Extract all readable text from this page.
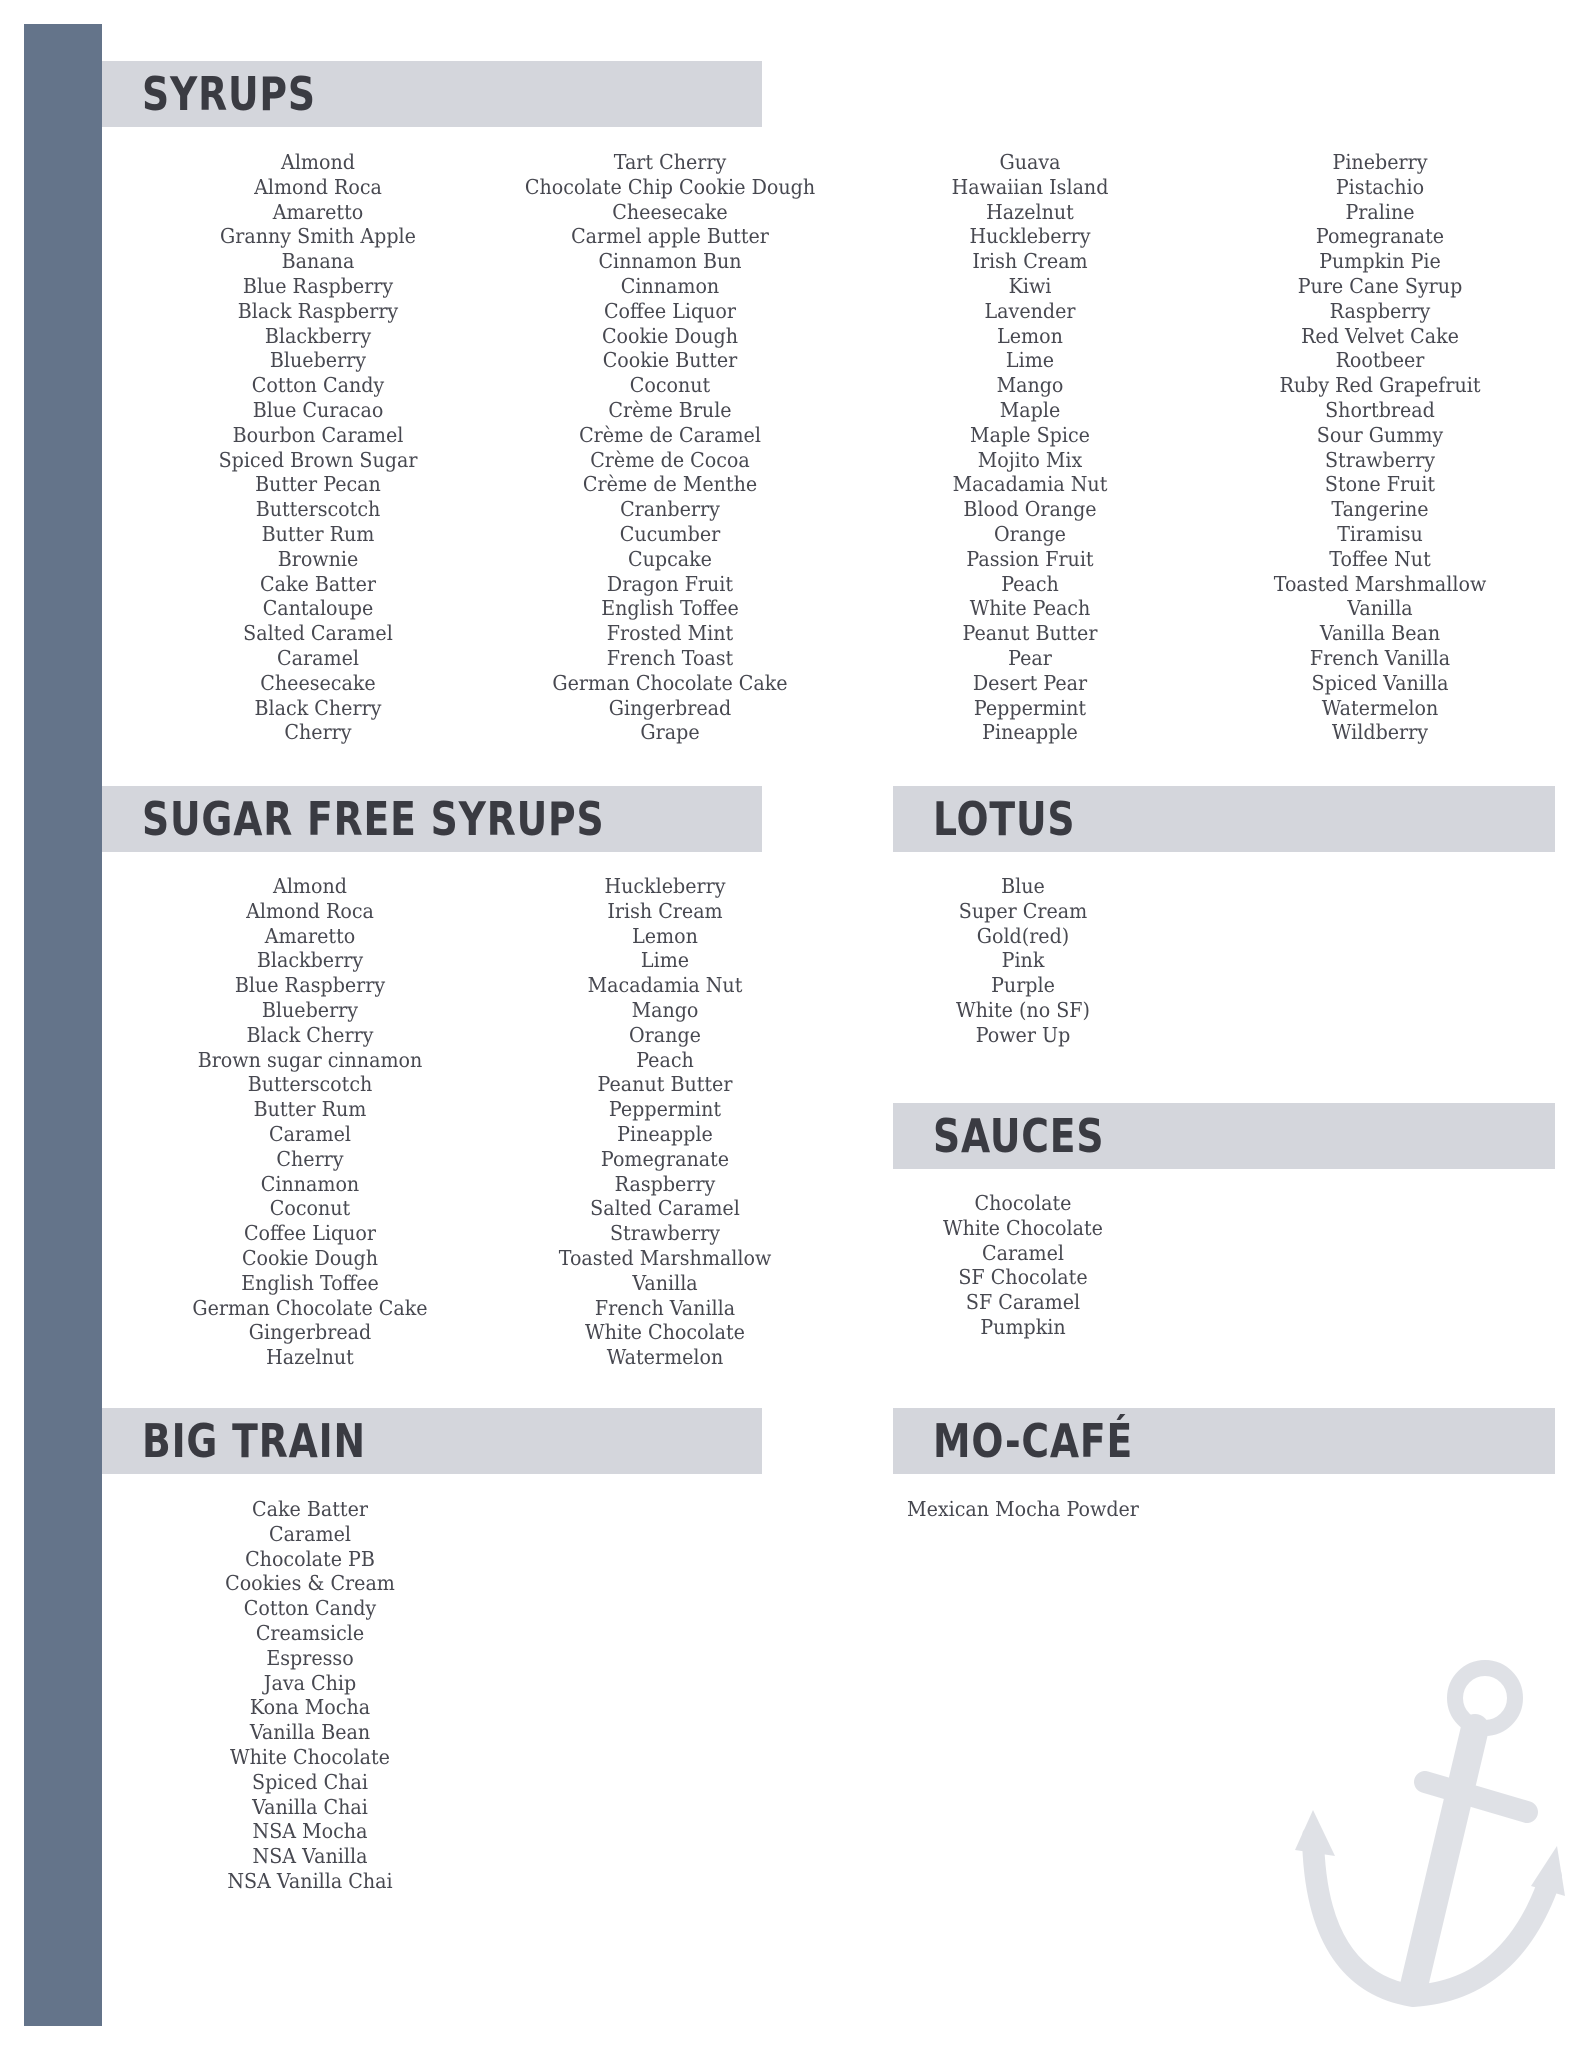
SYRUPS
Almond
Almond Roca
Amaretto
Granny Smith Apple
Banana
Blue Raspberry
Black Raspberry
Blackberry
Blueberry
Cotton Candy
Blue Curacao
Bourbon Caramel
Spiced Brown Sugar
Butter Pecan
Butterscotch
Butter Rum
Brownie
Cake Batter
Cantaloupe
Salted Caramel
Caramel
Cheesecake
Black Cherry
Cherry
Tart Cherry
Chocolate Chip Cookie Dough
Cheesecake
Carmel apple Butter
Cinnamon Bun
Cinnamon
Coffee Liquor
Cookie Dough
Cookie Butter
Coconut
Crème Brule
Crème de Caramel
Crème de Cocoa
Crème de Menthe
Cranberry
Cucumber
Cupcake
Dragon Fruit
English Toffee
Frosted Mint
French Toast
German Chocolate Cake
Gingerbread
Grape
Guava
Hawaiian Island
Hazelnut
Huckleberry
Irish Cream
Kiwi
Lavender
Lemon
Lime
Mango
Maple
Maple Spice
Mojito Mix
Macadamia Nut
Blood Orange
Orange
Passion Fruit
Peach
White Peach
Peanut Butter
Pear
Desert Pear
Peppermint
Pineapple
Pineberry
Pistachio
Praline
Pomegranate
Pumpkin Pie
Pure Cane Syrup
Raspberry
Red Velvet Cake
Rootbeer
Ruby Red Grapefruit
Shortbread
Sour Gummy
Strawberry
Stone Fruit
Tangerine
Tiramisu
Toffee Nut
Toasted Marshmallow
Vanilla
Vanilla Bean
French Vanilla
Spiced Vanilla
Watermelon
Wildberry
SUGAR FREE SYRUPS
Almond
Almond Roca
Amaretto
Blackberry
Blue Raspberry
Blueberry
Black Cherry
Brown sugar cinnamon
Butterscotch
Butter Rum
Caramel
Cherry
Cinnamon
Coconut
Coffee Liquor
Cookie Dough
English Toffee
German Chocolate Cake
Gingerbread
Hazelnut
Huckleberry
Irish Cream
Lemon
Lime
Macadamia Nut
Mango
Orange
Peach
Peanut Butter
Peppermint
Pineapple
Pomegranate
Raspberry
Salted Caramel
Strawberry
Toasted Marshmallow
Vanilla
French Vanilla
White Chocolate
Watermelon
LOTUS
Blue
Super Cream
Gold(red)
Pink
Purple
White (no SF)
Power Up
SAUCES
Chocolate
White Chocolate
Caramel
SF Chocolate
SF Caramel
Pumpkin
BIG TRAIN
Cake Batter
Caramel
Chocolate PB
Cookies & Cream
Cotton Candy
Creamsicle
Espresso
Java Chip
Kona Mocha
Vanilla Bean
White Chocolate
Spiced Chai
Vanilla Chai
NSA Mocha
NSA Vanilla
NSA Vanilla Chai
MO-CAFÉ
Mexican Mocha Powder
